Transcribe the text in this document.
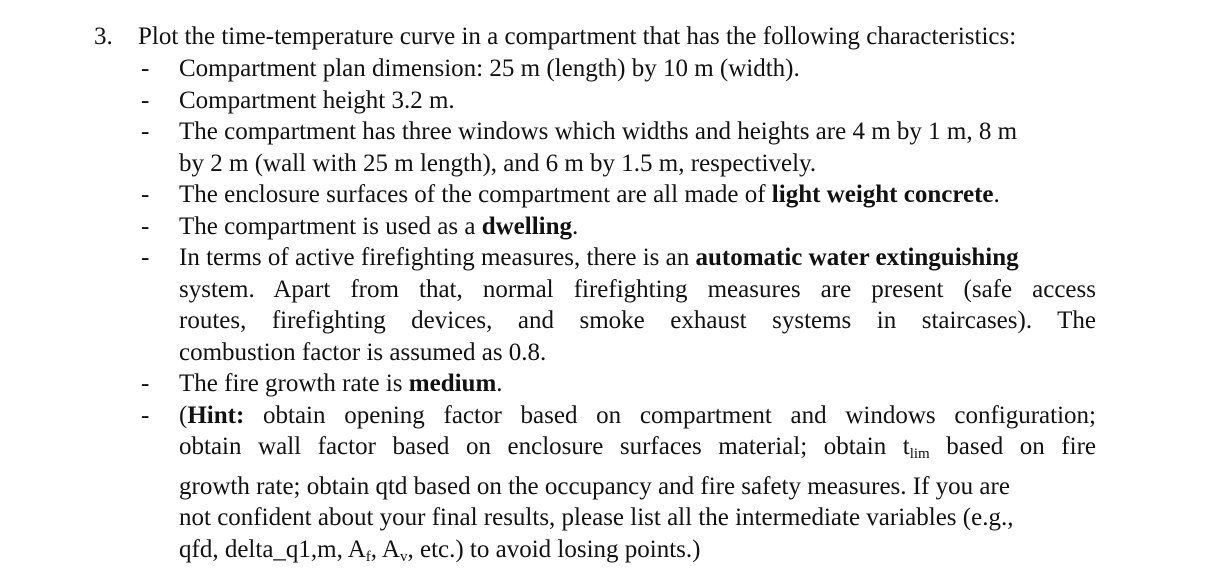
3. Plot the time-temperature curve in a compartment that has the following characteristics:
- Compartment plan dimension: 25 m (length) by 10 m (width).
- Compartment height 3.2 m.
- The compartment has three windows which widths and heights are 4 m by 1 m, 8 m
by 2 m (wall with 25 m length), and 6 m by 1.5 m, respectively.
- The enclosure surfaces of the compartment are all made of light weight concrete.
- The compartment is used as a dwelling.
- In terms of active firefighting measures, there is an automatic water extinguishing
system. Apart from that, normal firefighting measures are present (safe access
routes, firefighting devices, and smoke exhaust systems in staircases). The
combustion factor is assumed as 0.8.
- The fire growth rate is medium.
- (Hint: obtain opening factor based on compartment and windows configuration;
obtain wall factor based on enclosure surfaces material; obtain $t_{lim}$ based on fire
growth rate; obtain qtd based on the occupancy and fire safety measures. If you are
not confident about your final results, please list all the intermediate variables (e.g.,
qfd, delta_q1,m, $A_f$, $A_v$, etc.) to avoid losing points.)
